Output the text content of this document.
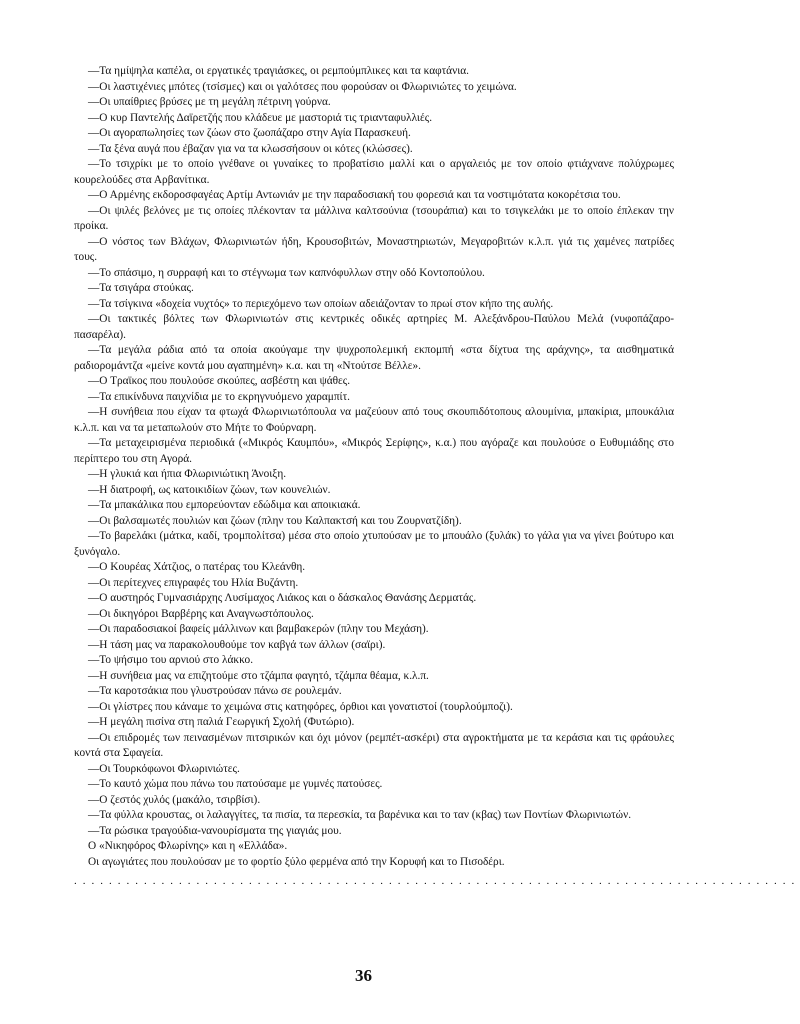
—Τα ημίψηλα καπέλα, οι εργατικές τραγιάσκες, οι ρεμπούμπλικες και τα καφτάνια.

—Οι λαστιχένιες μπότες (τσίσμες) και οι γαλότσες που φορούσαν οι Φλωρινιώτες το χειμώνα.

—Οι υπαίθριες βρύσες με τη μεγάλη πέτρινη γούρνα.

—Ο κυρ Παντελής Δαϊρετζής που κλάδευε με μαστοριά τις τριανταφυλλιές.

—Οι αγοραπωλησίες των ζώων στο ζωοπάζαρο στην Αγία Παρασκευή.

—Τα ξένα αυγά που έβαζαν για να τα κλωσσήσουν οι κότες (κλώσσες).

—Το τσιχρίκι με το οποίο γνέθανε οι γυναίκες το προβατίσιο μαλλί και ο αργαλειός με τον οποίο φτιάχνανε πολύχρωμες κουρελούδες στα Αρβανίτικα.

—Ο Αρμένης εκδοροσφαγέας Αρτίμ Αντωνιάν με την παραδοσιακή του φορεσιά και τα νοστιμότατα κοκορέτσια του.

—Οι ψιλές βελόνες με τις οποίες πλέκονταν τα μάλλινα καλτσούνια (τσουράπια) και το τσιγκελάκι με το οποίο έπλεκαν την προίκα.

—Ο νόστος των Βλάχων, Φλωρινιωτών ήδη, Κρουσοβιτών, Μοναστηριωτών, Μεγαροβιτών κ.λ.π. γιά τις χαμένες πατρίδες τους.

—Το σπάσιμο, η συρραφή και το στέγνωμα των καπνόφυλλων στην οδό Κοντοπούλου.

—Τα τσιγάρα στούκας.

—Τα τσίγκινα «δοχεία νυχτός» το περιεχόμενο των οποίων αδειάζονταν το πρωί στον κήπο της αυλής.

—Οι τακτικές βόλτες των Φλωρινιωτών στις κεντρικές οδικές αρτηρίες Μ. Αλεξάνδρου-Παύλου Μελά (νυφοπάζαρο-πασαρέλα).

—Τα μεγάλα ράδια από τα οποία ακούγαμε την ψυχροπολεμική εκπομπή «στα δίχτυα της αράχνης», τα αισθηματικά ραδιορομάντζα «μείνε κοντά μου αγαπημένη» κ.α. και τη «Ντούτσε Βέλλε».

—Ο Τραϊκος που πουλούσε σκούπες, ασβέστη και ψάθες.

—Τα επικίνδυνα παιχνίδια με το εκρηγνυόμενο χαραμπίτ.

—Η συνήθεια που είχαν τα φτωχά Φλωρινιωτόπουλα να μαζεύουν από τους σκουπιδότοπους αλουμίνια, μπακίρια, μπουκάλια κ.λ.π. και να τα μεταπωλούν στο Μήτε το Φούρναρη.

—Τα μεταχειρισμένα περιοδικά («Μικρός Καυμπόυ», «Μικρός Σερίφης», κ.α.) που αγόραζε και πουλούσε ο Ευθυμιάδης στο περίπτερο του στη Αγορά.

—Η γλυκιά και ήπια Φλωρινιώτικη Άνοιξη.

—Η διατροφή, ως κατοικιδίων ζώων, των κουνελιών.

—Τα μπακάλικα που εμπορεύονταν εδώδιμα και αποικιακά.

—Οι βαλσαμωτές πουλιών και ζώων (πλην του Καλπακτσή και του Ζουρνατζίδη).

—Το βαρελάκι (μάτκα, καδί, τρομπολίτσα) μέσα στο οποίο χτυπούσαν με το μπουάλο (ξυλάκ) το γάλα για να γίνει βούτυρο και ξυνόγαλο.

—Ο Κουρέας Χάτζιος, ο πατέρας του Κλεάνθη.

—Οι περίτεχνες επιγραφές του Ηλία Βυζάντη.

—Ο αυστηρός Γυμνασιάρχης Λυσίμαχος Λιάκος και ο δάσκαλος Θανάσης Δερματάς.

—Οι δικηγόροι Βαρβέρης και Αναγνωστόπουλος.

—Οι παραδοσιακοί βαφείς μάλλινων και βαμβακερών (πλην του Μεχάση).

—Η τάση μας να παρακολουθούμε τον καβγά των άλλων (σαϊρι).

—Το ψήσιμο του αρνιού στο λάκκο.

—Η συνήθεια μας να επιζητούμε στο τζάμπα φαγητό, τζάμπα θέαμα, κ.λ.π.

—Τα καροτσάκια που γλυστρούσαν πάνω σε ρουλεμάν.

—Οι γλίστρες που κάναμε το χειμώνα στις κατηφόρες, όρθιοι και γονατιστοί (τουρλούμποζι).

—Η μεγάλη πισίνα στη παλιά Γεωργική Σχολή (Φυτώριο).

—Οι επιδρομές των πεινασμένων πιτσιρικών και όχι μόνον (ρεμπέτ-ασκέρι) στα αγροκτήματα με τα κεράσια και τις φράουλες κοντά στα Σφαγεία.

—Οι Τουρκόφωνοι Φλωρινιώτες.

—Το καυτό χώμα που πάνω του πατούσαμε με γυμνές πατούσες.

—Ο ζεστός χυλός (μακάλο, τσιρβίσι).

—Τα φύλλα κρουστας, οι λαλαγγίτες, τα πισία, τα περεσκία, τα βαρένικα και το ταν (κβας) των Ποντίων Φλωρινιωτών.

—Τα ρώσικα τραγούδια-νανουρίσματα της γιαγιάς μου.

Ο «Νικηφόρος Φλωρίνης» και η «Ελλάδα».

Οι αγωγιάτες που πουλούσαν με το φορτίο ξύλο φερμένα από την Κορυφή και το Πισοδέρι.

...................................................................................
36
